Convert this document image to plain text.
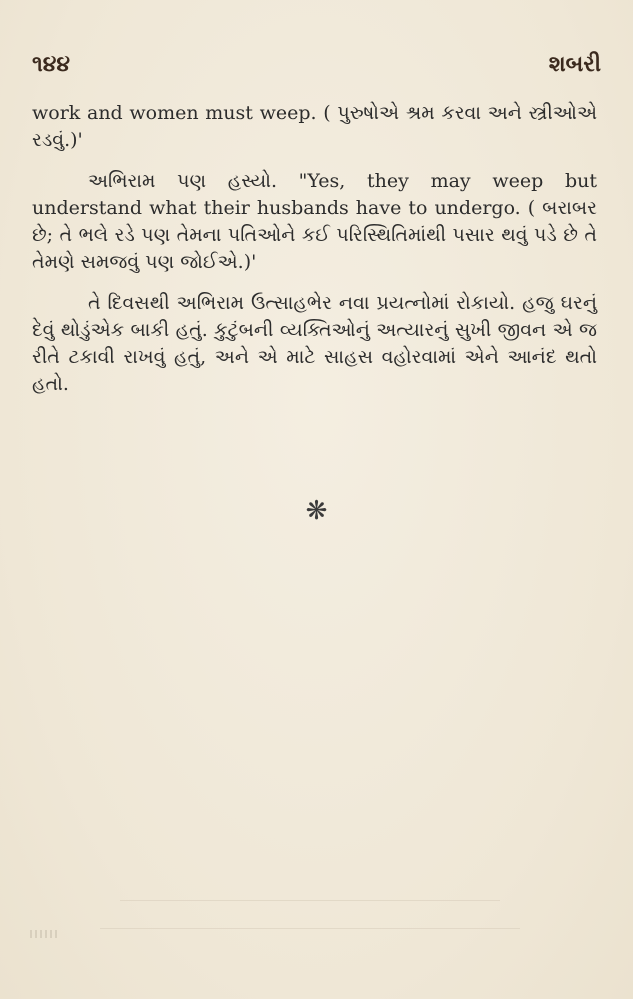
૧૪૪	શબરી

work and women must weep. ( પુરુષોએ શ્રમ કરવા અને સ્ત્રીઓએ રડવું.)'

અભિરામ પણ હસ્યો. "Yes, they may weep but understand what their husbands have to undergo. ( બરાબર છે; તે ભલે રડે પણ તેમના પતિઓને કઈ પરિસ્થિતિમાંથી પસાર થવું પડે છે તે તેમણે સમજવું પણ જોઈએ.)'

તે દિવસથી અભિરામ ઉત્સાહભેર નવા પ્રયત્નોમાં રોકાયો. હજુ ઘરનું દેવું થોડુંએક બાકી હતું. કુટુંબની વ્યક્તિઓનું અત્યારનું સુખી જીવન એ જ રીતે ટકાવી રાખવું હતું, અને એ માટે સાહસ વહોરવામાં એને આનંદ થતો હતો.

❋
